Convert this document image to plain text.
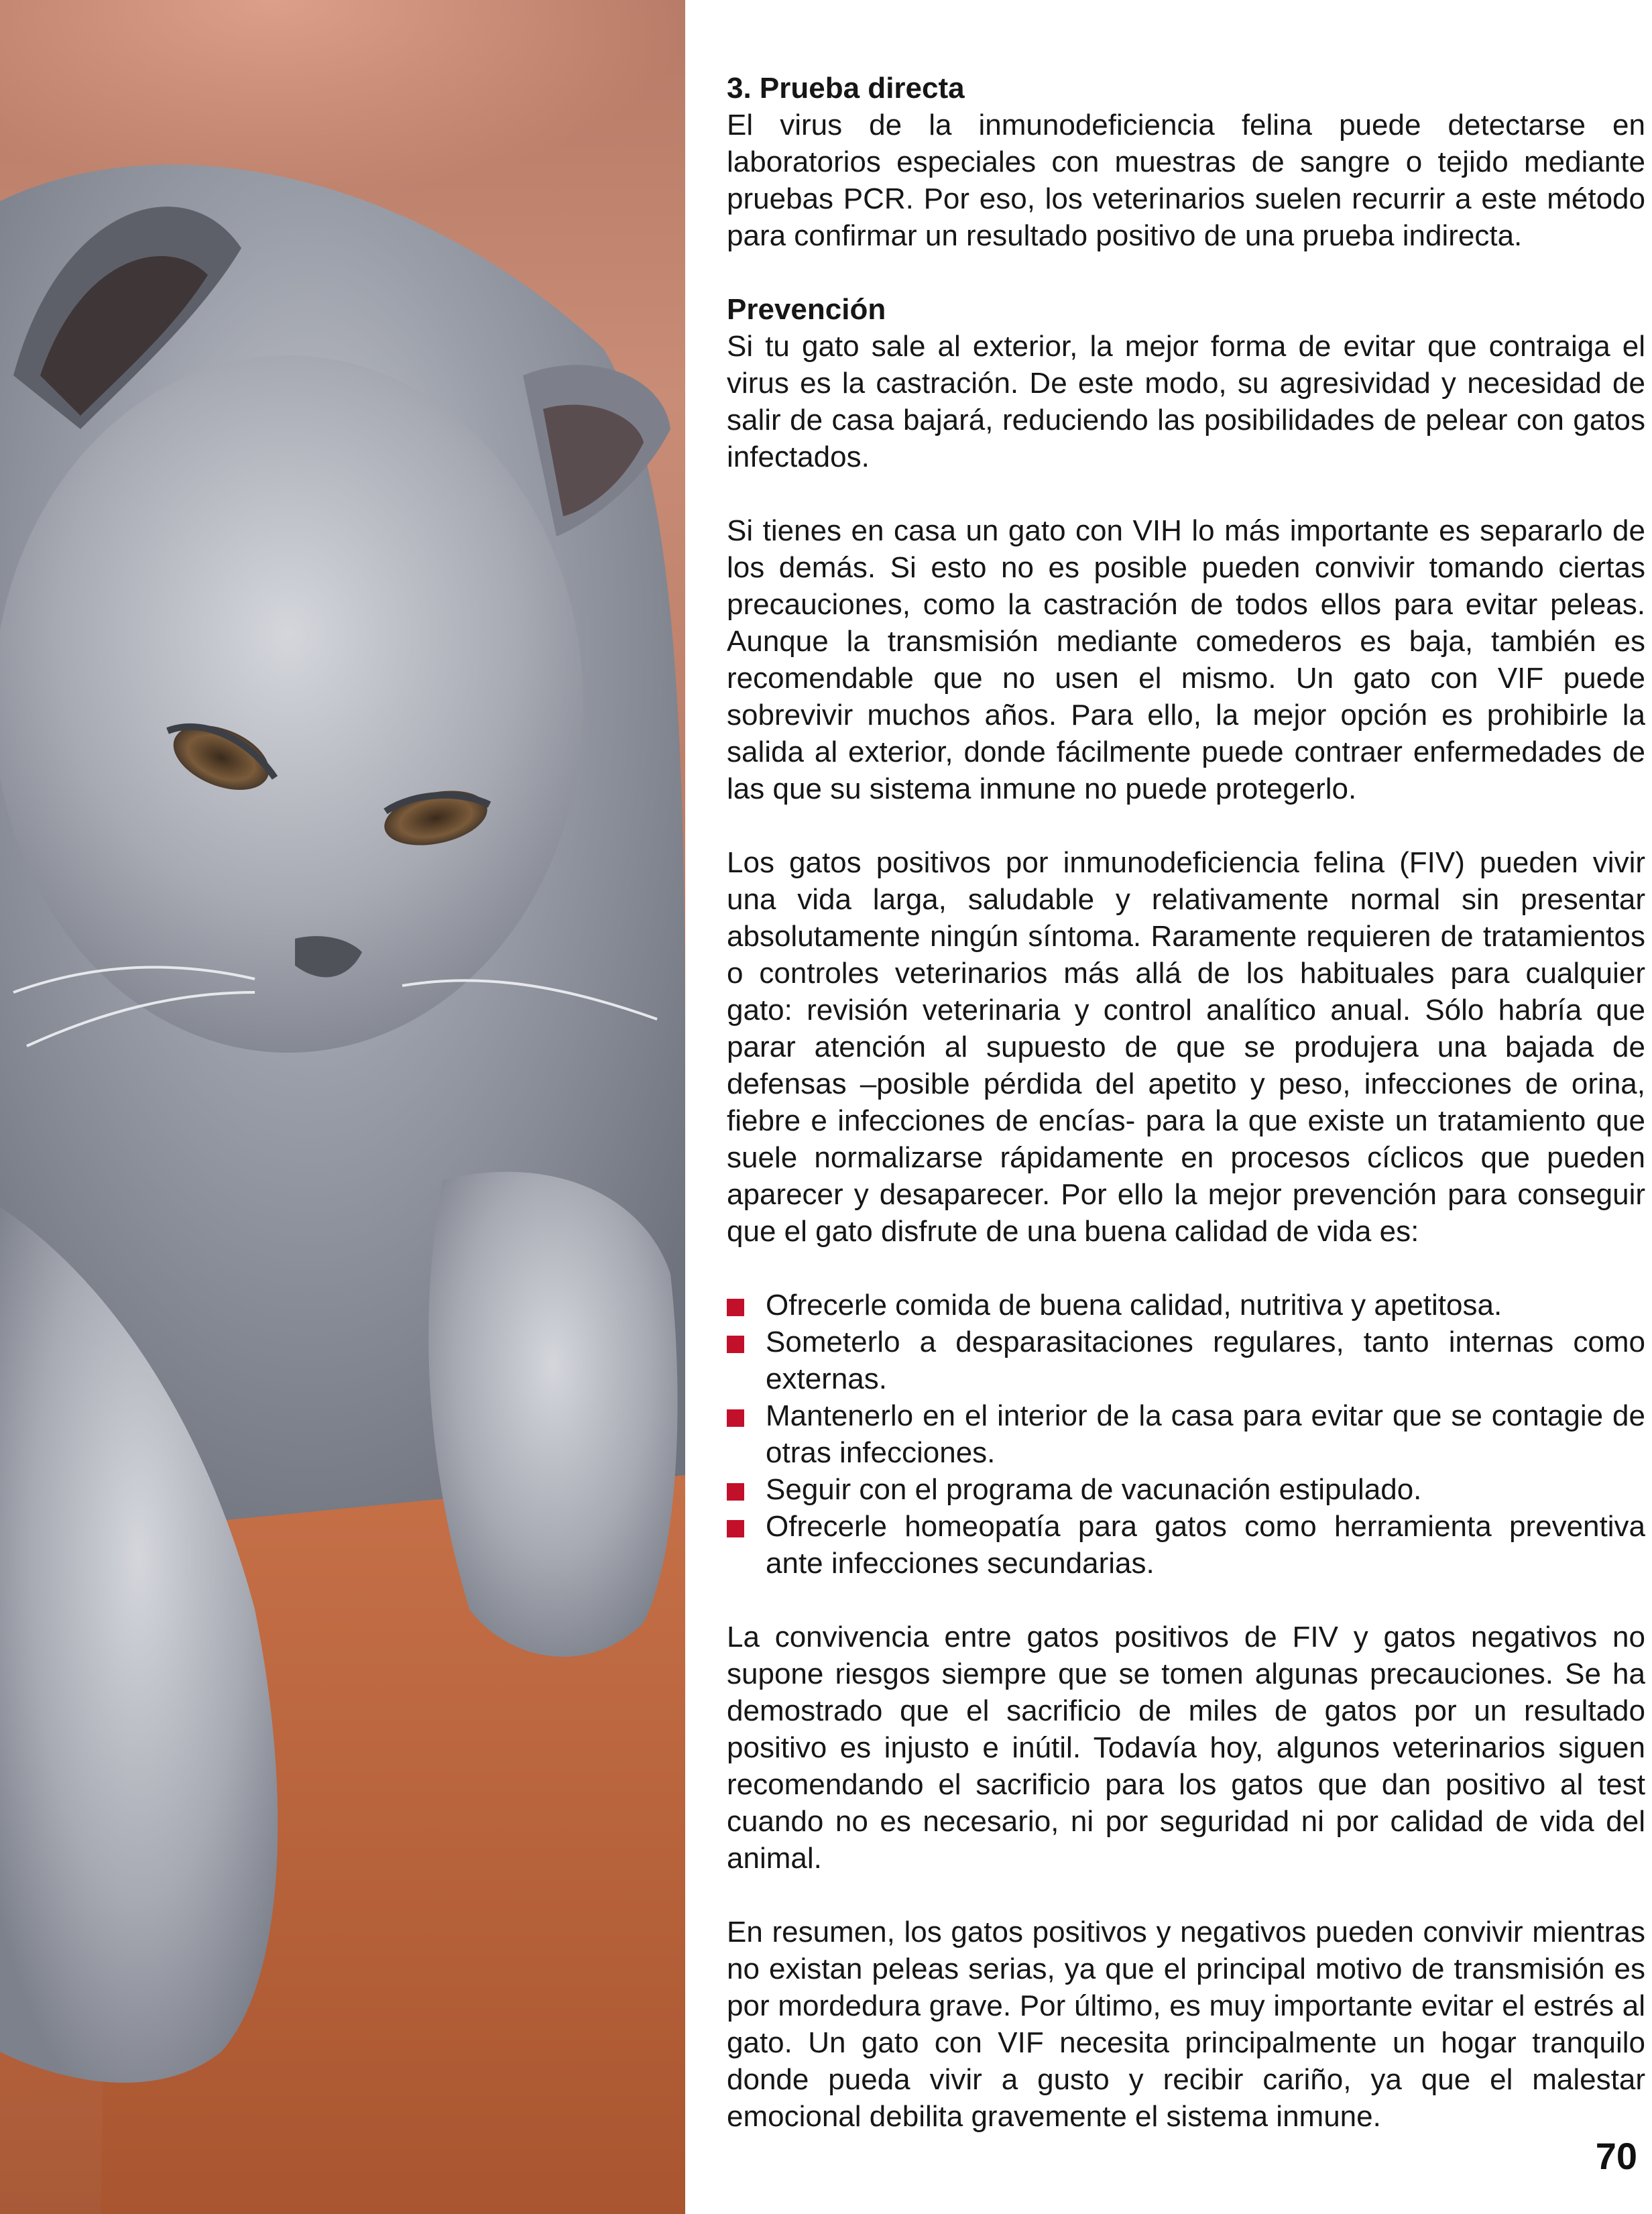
3. Prueba directa

El virus de la inmunodeficiencia felina puede detectarse en laboratorios especiales con muestras de sangre o tejido mediante pruebas PCR. Por eso, los veterinarios suelen recurrir a este método para confirmar un resultado positivo de una prueba indirecta.

Prevención

Si tu gato sale al exterior, la mejor forma de evitar que contraiga el virus es la castración. De este modo, su agresividad y necesidad de salir de casa bajará, reduciendo las posibilidades de pelear con gatos infectados.

Si tienes en casa un gato con VIH lo más importante es separarlo de los demás. Si esto no es posible pueden convivir tomando ciertas precauciones, como la castración de todos ellos para evitar peleas. Aunque la transmisión mediante comederos es baja, también es recomendable que no usen el mismo. Un gato con VIF puede sobrevivir muchos años. Para ello, la mejor opción es prohibirle la salida al exterior, donde fácilmente puede contraer enfermedades de las que su sistema inmune no puede protegerlo.

Los gatos positivos por inmunodeficiencia felina (FIV) pueden vivir una vida larga, saludable y relativamente normal sin presentar absolutamente ningún síntoma. Raramente requieren de tratamientos o controles veterinarios más allá de los habituales para cualquier gato: revisión veterinaria y control analítico anual. Sólo habría que parar atención al supuesto de que se produjera una bajada de defensas –posible pérdida del apetito y peso, infecciones de orina, fiebre e infecciones de encías- para la que existe un tratamiento que suele normalizarse rápidamente en procesos cíclicos que pueden aparecer y desaparecer. Por ello la mejor prevención para conseguir que el gato disfrute de una buena calidad de vida es:

Ofrecerle comida de buena calidad, nutritiva y apetitosa.
Someterlo a desparasitaciones regulares, tanto internas como externas.
Mantenerlo en el interior de la casa para evitar que se contagie de otras infecciones.
Seguir con el programa de vacunación estipulado.
Ofrecerle homeopatía para gatos como herramienta preventiva ante infecciones secundarias.

La convivencia entre gatos positivos de FIV y gatos negativos no supone riesgos siempre que se tomen algunas precauciones. Se ha demostrado que el sacrificio de miles de gatos por un resultado positivo es injusto e inútil. Todavía hoy, algunos veterinarios siguen recomendando el sacrificio para los gatos que dan positivo al test cuando no es necesario, ni por seguridad ni por calidad de vida del animal.

En resumen, los gatos positivos y negativos pueden convivir mientras no existan peleas serias, ya que el principal motivo de transmisión es por mordedura grave. Por último, es muy importante evitar el estrés al gato. Un gato con VIF necesita principalmente un hogar tranquilo donde pueda vivir a gusto y recibir cariño, ya que el malestar emocional debilita gravemente el sistema inmune.

70
